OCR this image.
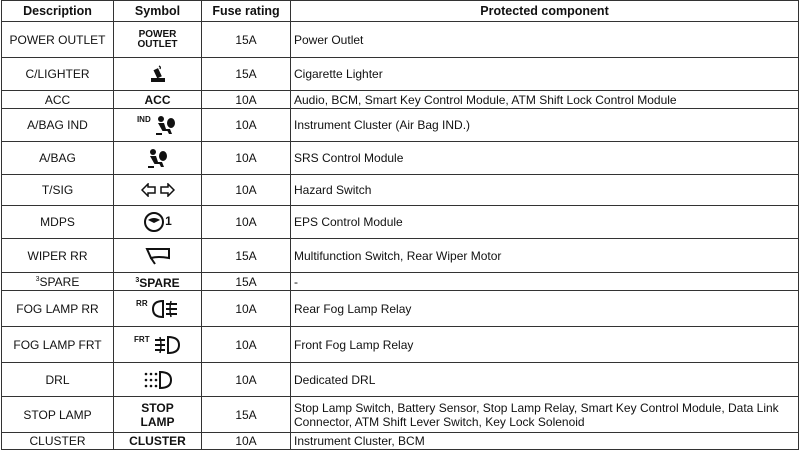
Description	Symbol	Fuse rating	Protected component
POWER OUTLET	POWER OUTLET	15A	Power Outlet
C/LIGHTER		15A	Cigarette Lighter
ACC	ACC	10A	Audio, BCM, Smart Key Control Module, ATM Shift Lock Control Module
A/BAG IND	$^{IND}$	10A	Instrument Cluster (Air Bag IND.)
A/BAG		10A	SRS Control Module
T/SIG		10A	Hazard Switch
MDPS	1	10A	EPS Control Module
WIPER RR		15A	Multifunction Switch, Rear Wiper Motor
$^3$SPARE	$^3$SPARE	15A	-
FOG LAMP RR	$^{RR}$	10A	Rear Fog Lamp Relay
FOG LAMP FRT	$^{FRT}$	10A	Front Fog Lamp Relay
DRL		10A	Dedicated DRL
STOP LAMP	STOP LAMP	15A	Stop Lamp Switch, Battery Sensor, Stop Lamp Relay, Smart Key Control Module, Data Link Connector, ATM Shift Lever Switch, Key Lock Solenoid
CLUSTER	CLUSTER	10A	Instrument Cluster, BCM
